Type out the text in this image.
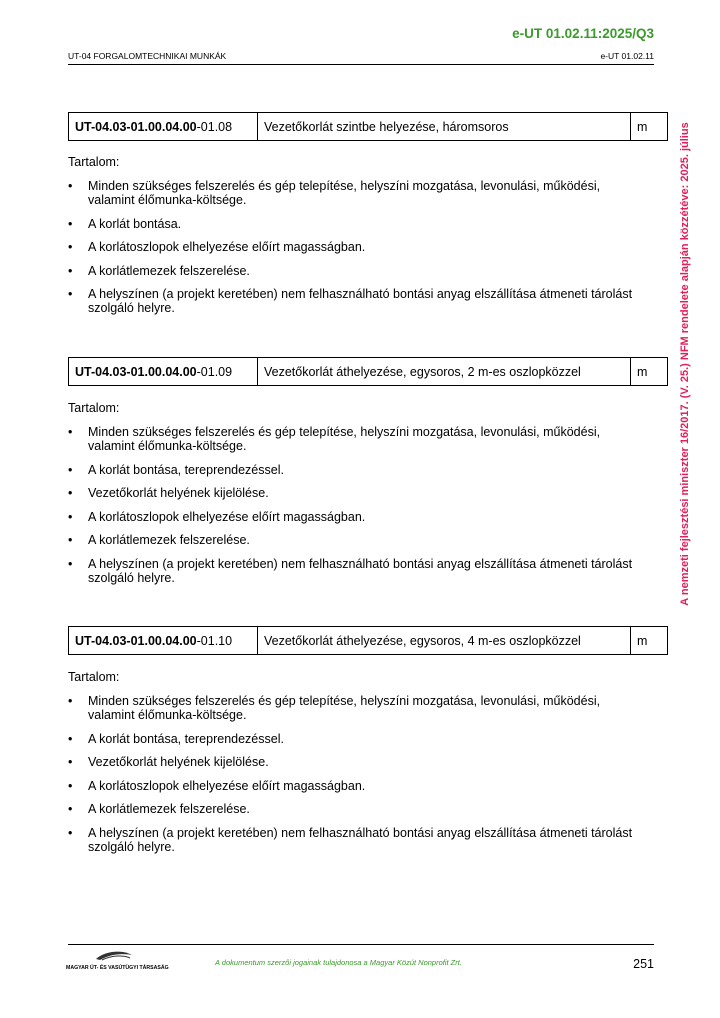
e-UT 01.02.11:2025/Q3
UT-04 FORGALOMTECHNIKAI MUNKÁK	e-UT 01.02.11
A nemzeti fejlesztési miniszter 16/2017. (V. 25.) NFM rendelete alapján közzétéve: 2025. július
UT-04.03-01.00.04.00-01.08	Vezetőkorlát szintbe helyezése, háromsoros	m
Tartalom:
• Minden szükséges felszerelés és gép telepítése, helyszíni mozgatása, levonulási, működési, valamint élőmunka-költsége.
• A korlát bontása.
• A korlátoszlopok elhelyezése előírt magasságban.
• A korlátlemezek felszerelése.
• A helyszínen (a projekt keretében) nem felhasználható bontási anyag elszállítása átmeneti tárolást szolgáló helyre.
UT-04.03-01.00.04.00-01.09	Vezetőkorlát áthelyezése, egysoros, 2 m-es oszlopközzel	m
Tartalom:
• Minden szükséges felszerelés és gép telepítése, helyszíni mozgatása, levonulási, működési, valamint élőmunka-költsége.
• A korlát bontása, tereprendezéssel.
• Vezetőkorlát helyének kijelölése.
• A korlátoszlopok elhelyezése előírt magasságban.
• A korlátlemezek felszerelése.
• A helyszínen (a projekt keretében) nem felhasználható bontási anyag elszállítása átmeneti tárolást szolgáló helyre.
UT-04.03-01.00.04.00-01.10	Vezetőkorlát áthelyezése, egysoros, 4 m-es oszlopközzel	m
Tartalom:
• Minden szükséges felszerelés és gép telepítése, helyszíni mozgatása, levonulási, működési, valamint élőmunka-költsége.
• A korlát bontása, tereprendezéssel.
• Vezetőkorlát helyének kijelölése.
• A korlátoszlopok elhelyezése előírt magasságban.
• A korlátlemezek felszerelése.
• A helyszínen (a projekt keretében) nem felhasználható bontási anyag elszállítása átmeneti tárolást szolgáló helyre.
MAGYAR ÚT- ÉS VASÚTÜGYI TÁRSASÁG
A dokumentum szerzői jogainak tulajdonosa a Magyar Közút Nonprofit Zrt.	251
